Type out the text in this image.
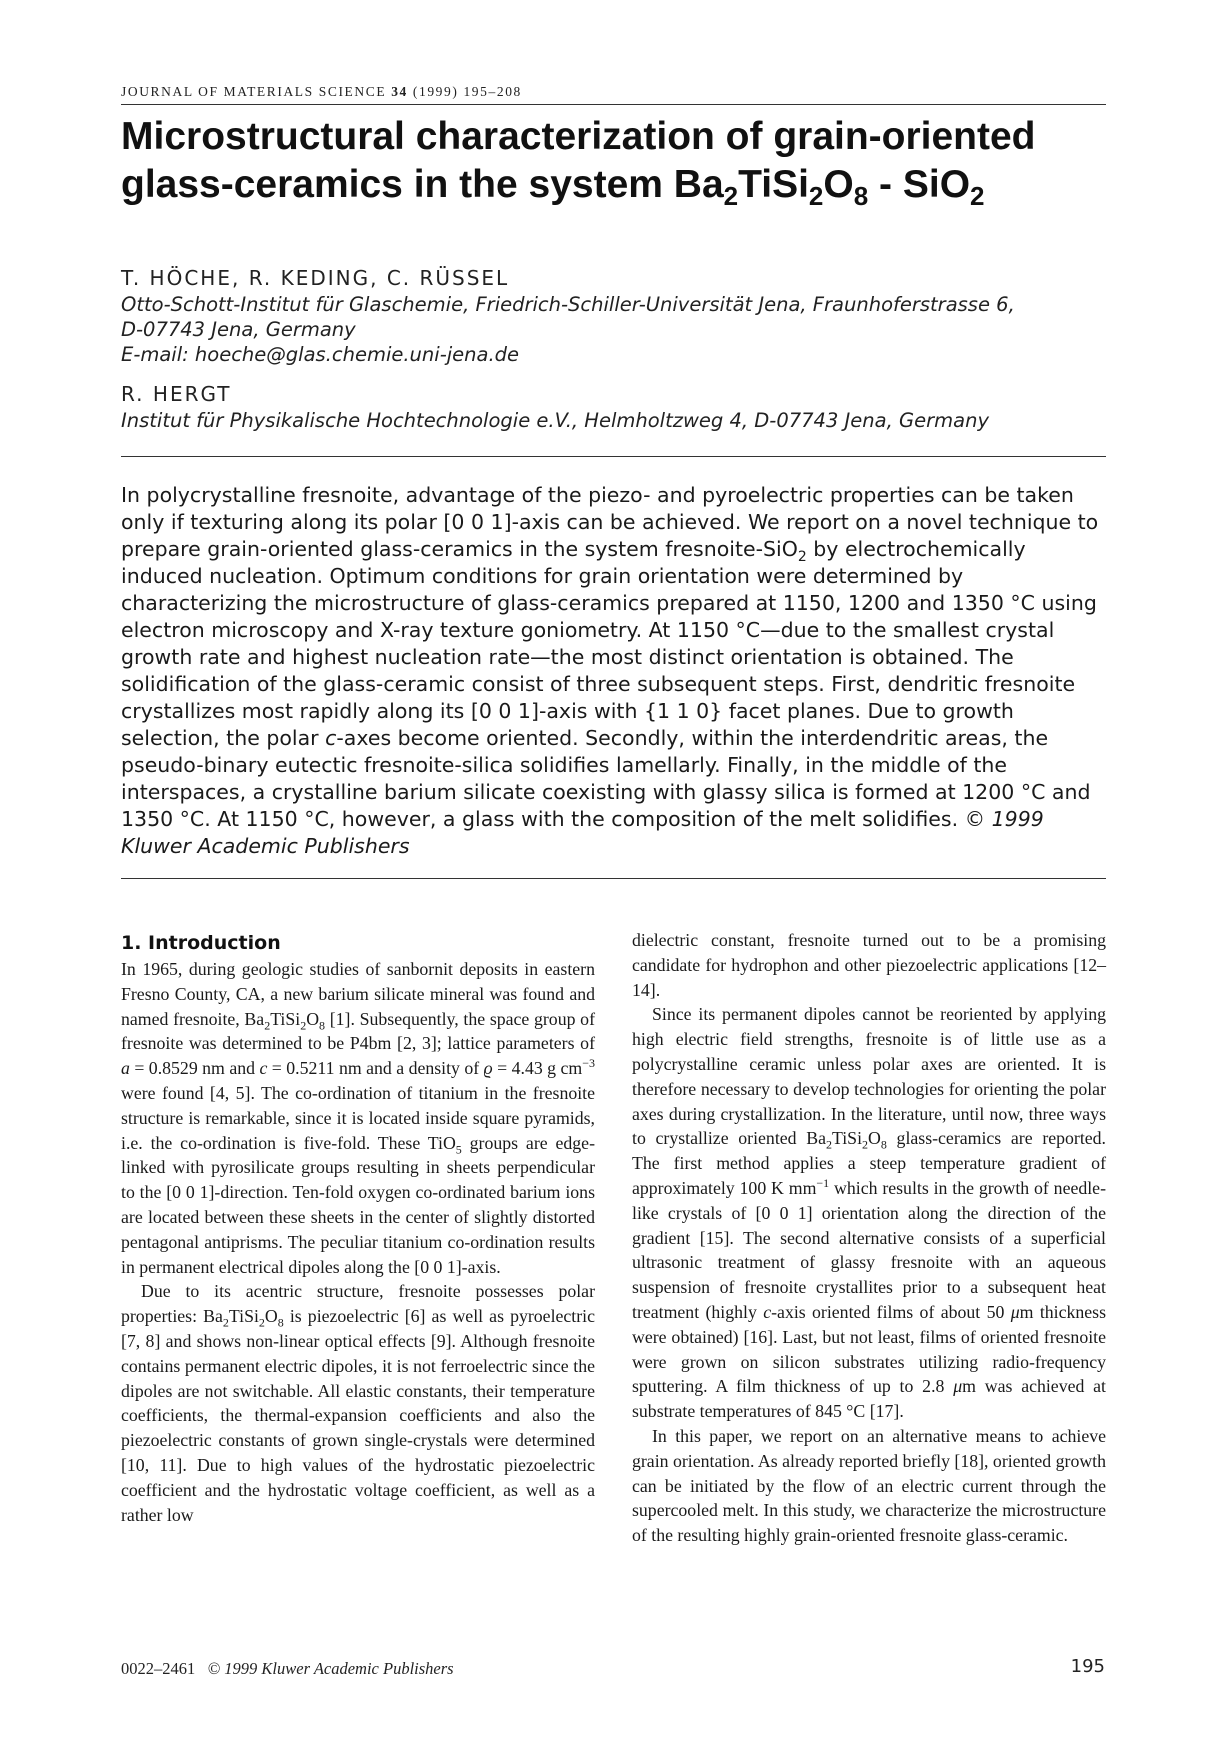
JOURNAL OF MATERIALS SCIENCE 34 (1999) 195–208
Microstructural characterization of grain-oriented
glass-ceramics in the system $Ba_2TiSi_2O_8 - SiO_2$
T. HÖCHE, R. KEDING, C. RÜSSEL
Otto-Schott-Institut für Glaschemie, Friedrich-Schiller-Universität Jena, Fraunhoferstrasse 6,
D-07743 Jena, Germany
E-mail: hoeche@glas.chemie.uni-jena.de
R. HERGT
Institut für Physikalische Hochtechnologie e.V., Helmholtzweg 4, D-07743 Jena, Germany
In polycrystalline fresnoite, advantage of the piezo- and pyroelectric properties can be taken only if texturing along its polar [0 0 1]-axis can be achieved. We report on a novel technique to prepare grain-oriented glass-ceramics in the system fresnoite-SiO$_2$ by electrochemically induced nucleation. Optimum conditions for grain orientation were determined by characterizing the microstructure of glass-ceramics prepared at 1150, 1200 and 1350 °C using electron microscopy and X-ray texture goniometry. At 1150 °C—due to the smallest crystal growth rate and highest nucleation rate—the most distinct orientation is obtained. The solidification of the glass-ceramic consist of three subsequent steps. First, dendritic fresnoite crystallizes most rapidly along its [0 0 1]-axis with {1 1 0} facet planes. Due to growth selection, the polar c-axes become oriented. Secondly, within the interdendritic areas, the pseudo-binary eutectic fresnoite-silica solidifies lamellarly. Finally, in the middle of the interspaces, a crystalline barium silicate coexisting with glassy silica is formed at 1200 °C and 1350 °C. At 1150 °C, however, a glass with the composition of the melt solidifies. © 1999 Kluwer Academic Publishers
1. Introduction

In 1965, during geologic studies of sanbornit deposits in eastern Fresno County, CA, a new barium silicate mineral was found and named fresnoite, $Ba_2TiSi_2O_8$ [1]. Subsequently, the space group of fresnoite was determined to be P4bm [2, 3]; lattice parameters of a = 0.8529 nm and c = 0.5211 nm and a density of ϱ = 4.43 g $cm^{-3}$ were found [4, 5]. The co-ordination of titanium in the fresnoite structure is remarkable, since it is located inside square pyramids, i.e. the co-ordination is five-fold. These TiO$_5$ groups are edge-linked with pyrosilicate groups resulting in sheets perpendicular to the [0 0 1]-direction. Ten-fold oxygen co-ordinated barium ions are located between these sheets in the center of slightly distorted pentagonal antiprisms. The peculiar titanium co-ordination results in permanent electrical dipoles along the [0 0 1]-axis.

Due to its acentric structure, fresnoite possesses polar properties: $Ba_2TiSi_2O_8$ is piezoelectric [6] as well as pyroelectric [7, 8] and shows non-linear optical effects [9]. Although fresnoite contains permanent electric dipoles, it is not ferroelectric since the dipoles are not switchable. All elastic constants, their temperature coefficients, the thermal-expansion coefficients and also the piezoelectric constants of grown single-crystals were determined [10, 11]. Due to high values of the hydrostatic piezoelectric coefficient and the hydrostatic voltage coefficient, as well as a rather low

dielectric constant, fresnoite turned out to be a promising candidate for hydrophon and other piezoelectric applications [12–14].

Since its permanent dipoles cannot be reoriented by applying high electric field strengths, fresnoite is of little use as a polycrystalline ceramic unless polar axes are oriented. It is therefore necessary to develop technologies for orienting the polar axes during crystallization. In the literature, until now, three ways to crystallize oriented $Ba_2TiSi_2O_8$ glass-ceramics are reported. The first method applies a steep temperature gradient of approximately 100 K $mm^{-1}$ which results in the growth of needle-like crystals of [0 0 1] orientation along the direction of the gradient [15]. The second alternative consists of a superficial ultrasonic treatment of glassy fresnoite with an aqueous suspension of fresnoite crystallites prior to a subsequent heat treatment (highly c-axis oriented films of about 50 μm thickness were obtained) [16]. Last, but not least, films of oriented fresnoite were grown on silicon substrates utilizing radio-frequency sputtering. A film thickness of up to 2.8 μm was achieved at substrate temperatures of 845 °C [17].

In this paper, we report on an alternative means to achieve grain orientation. As already reported briefly [18], oriented growth can be initiated by the flow of an electric current through the supercooled melt. In this study, we characterize the microstructure of the resulting highly grain-oriented fresnoite glass-ceramic.

0022–2461 © 1999 Kluwer Academic Publishers	195
